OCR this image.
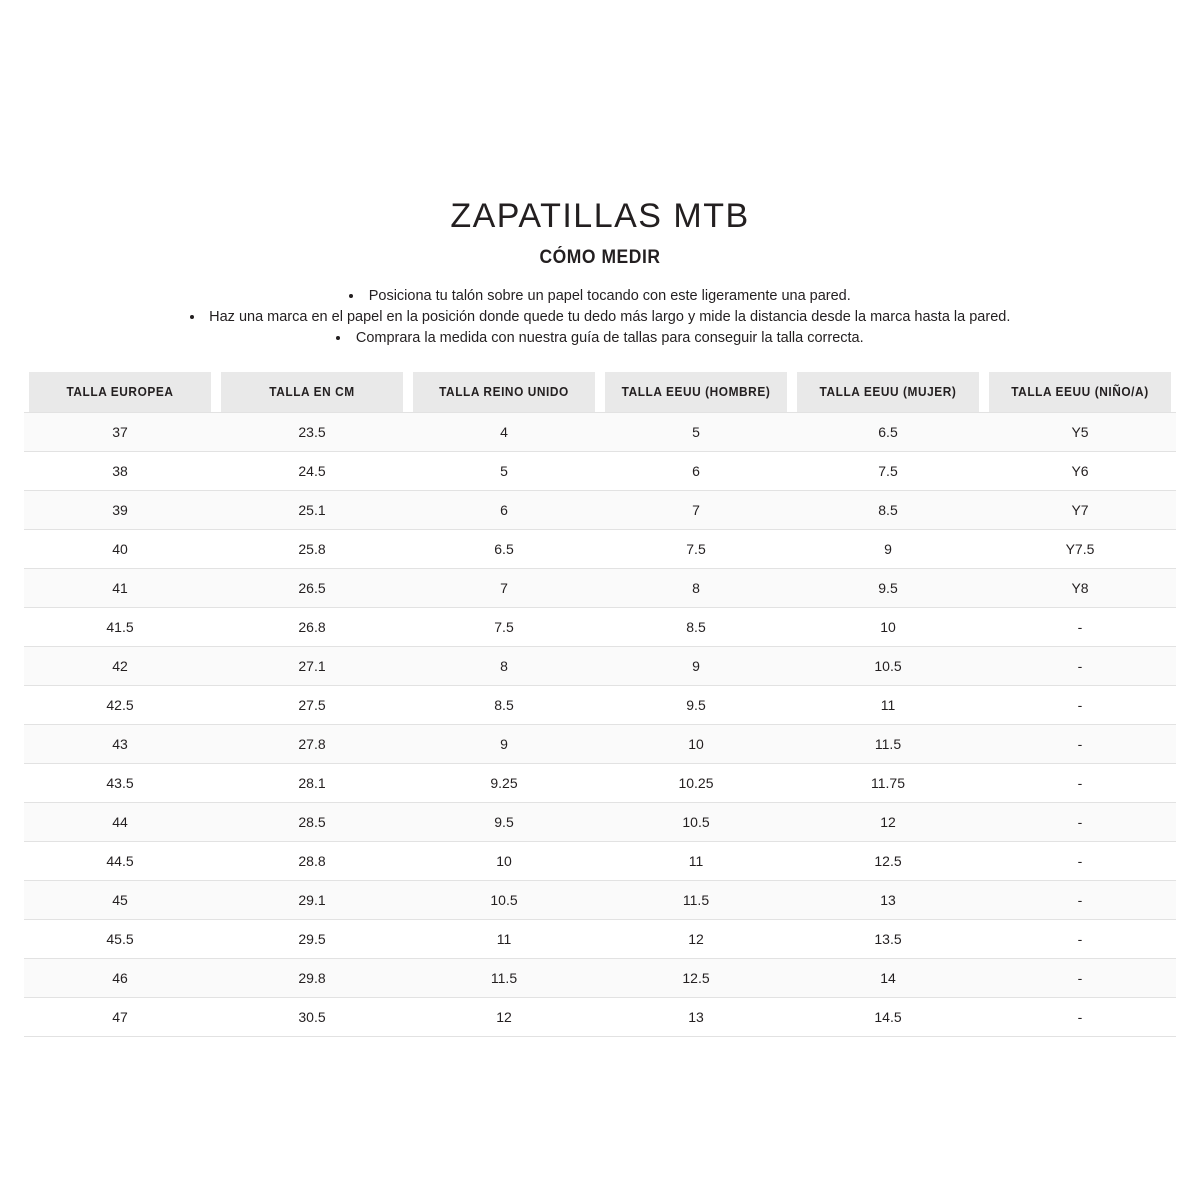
ZAPATILLAS MTB
CÓMO MEDIR
• Posiciona tu talón sobre un papel tocando con este ligeramente una pared.
• Haz una marca en el papel en la posición donde quede tu dedo más largo y mide la distancia desde la marca hasta la pared.
• Comprara la medida con nuestra guía de tallas para conseguir la talla correcta.
TALLA EUROPEA	TALLA EN CM	TALLA REINO UNIDO	TALLA EEUU (HOMBRE)	TALLA EEUU (MUJER)	TALLA EEUU (NIÑO/A)
37	23.5	4	5	6.5	Y5
38	24.5	5	6	7.5	Y6
39	25.1	6	7	8.5	Y7
40	25.8	6.5	7.5	9	Y7.5
41	26.5	7	8	9.5	Y8
41.5	26.8	7.5	8.5	10	-
42	27.1	8	9	10.5	-
42.5	27.5	8.5	9.5	11	-
43	27.8	9	10	11.5	-
43.5	28.1	9.25	10.25	11.75	-
44	28.5	9.5	10.5	12	-
44.5	28.8	10	11	12.5	-
45	29.1	10.5	11.5	13	-
45.5	29.5	11	12	13.5	-
46	29.8	11.5	12.5	14	-
47	30.5	12	13	14.5	-
